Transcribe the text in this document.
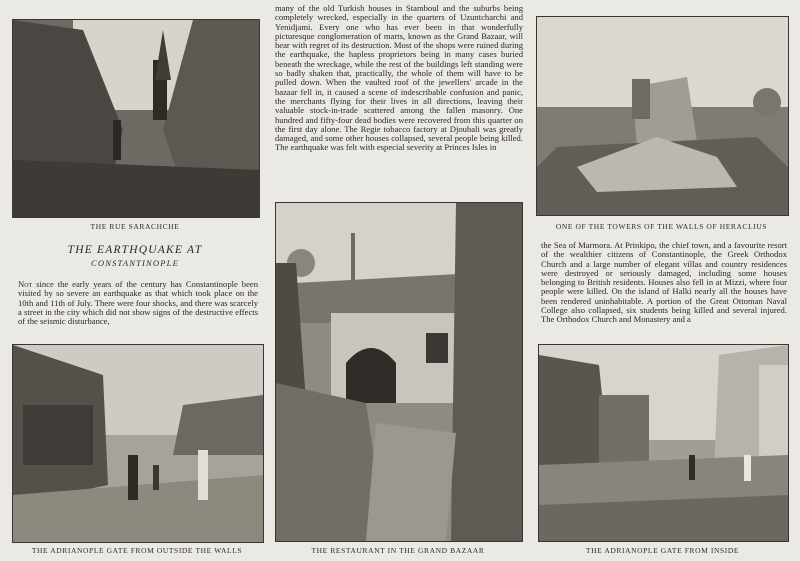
THE RUE SARACHCHE
THE EARTHQUAKE AT
CONSTANTINOPLE
Not since the early years of the century has Constantinople been visited by so severe an earthquake as that which took place on the 10th and 11th of July. There were four shocks, and there was scarcely a street in the city which did not show signs of the destructive effects of the seismic disturbance,
THE ADRIANOPLE GATE FROM OUTSIDE THE WALLS
many of the old Turkish houses in Stamboul and the suburbs being completely wrecked, especially in the quarters of Uzuntcharchi and Yenidjami. Every one who has ever been in that wonderfully picturesque conglomeration of marts, known as the Grand Bazaar, will hear with regret of its destruction. Most of the shops were ruined during the earthquake, the hapless proprietors being in many cases buried beneath the wreckage, while the rest of the buildings left standing were so badly shaken that, practically, the whole of them will have to be pulled down. When the vaulted roof of the jewellers' arcade in the bazaar fell in, it caused a scene of indescribable confusion and panic, the merchants flying for their lives in all directions, leaving their valuable stock-in-trade scattered among the fallen masonry. One hundred and fifty-four dead bodies were recovered from this quarter on the first day alone. The Regie tobacco factory at Djoubali was greatly damaged, and some other houses collapsed, several people being killed. The earthquake was felt with especial severity at Princes Isles in
THE RESTAURANT IN THE GRAND BAZAAR
ONE OF THE TOWERS OF THE WALLS OF HERACLIUS
the Sea of Marmora. At Prinkipo, the chief town, and a favourite resort of the wealthier citizens of Constantinople, the Greek Orthodox Church and a large number of elegant villas and country residences were destroyed or seriously damaged, including some houses belonging to British residents. Houses also fell in at Mizzi, where four people were killed. On the island of Halki nearly all the houses have been rendered uninhabitable. A portion of the Great Ottoman Naval College also collapsed, six students being killed and several injured. The Orthodox Church and Monastery and a
THE ADRIANOPLE GATE FROM INSIDE
